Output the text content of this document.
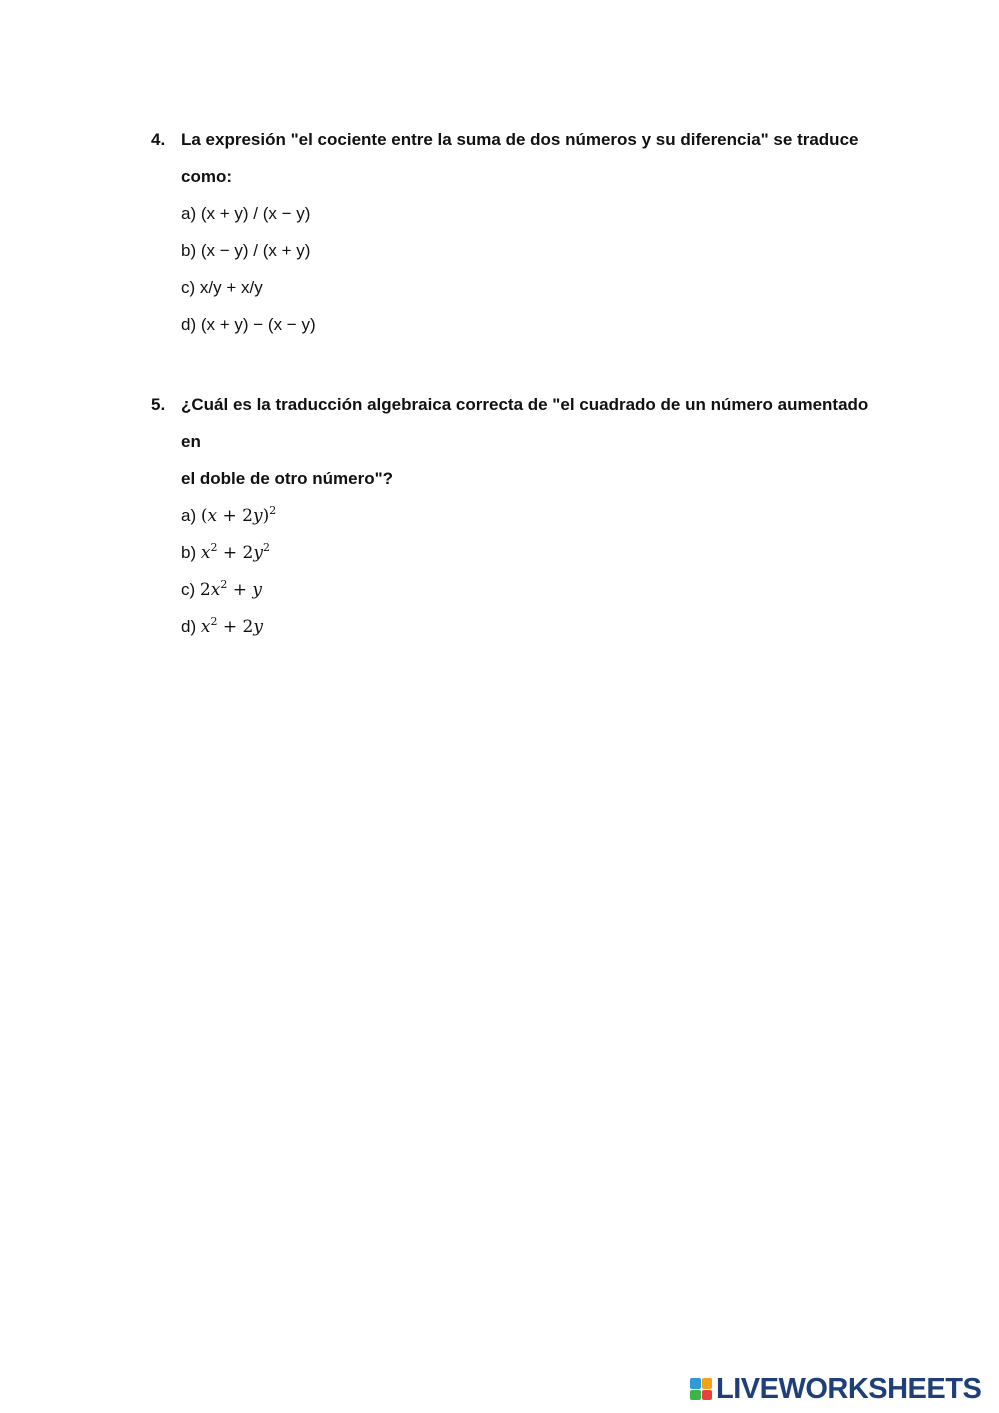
4. La expresión "el cociente entre la suma de dos números y su diferencia" se traduce
como:
a) (x + y) / (x − y)
b) (x − y) / (x + y)
c) x/y + x/y
d) (x + y) − (x − y)
5. ¿Cuál es la traducción algebraica correcta de "el cuadrado de un número aumentado en
el doble de otro número"?
a) $(x + 2y)^2$
b) $x^2 + 2y^2$
c) $2x^2 + y$
d) $x^2 + 2y$
LIVEWORKSHEETS
